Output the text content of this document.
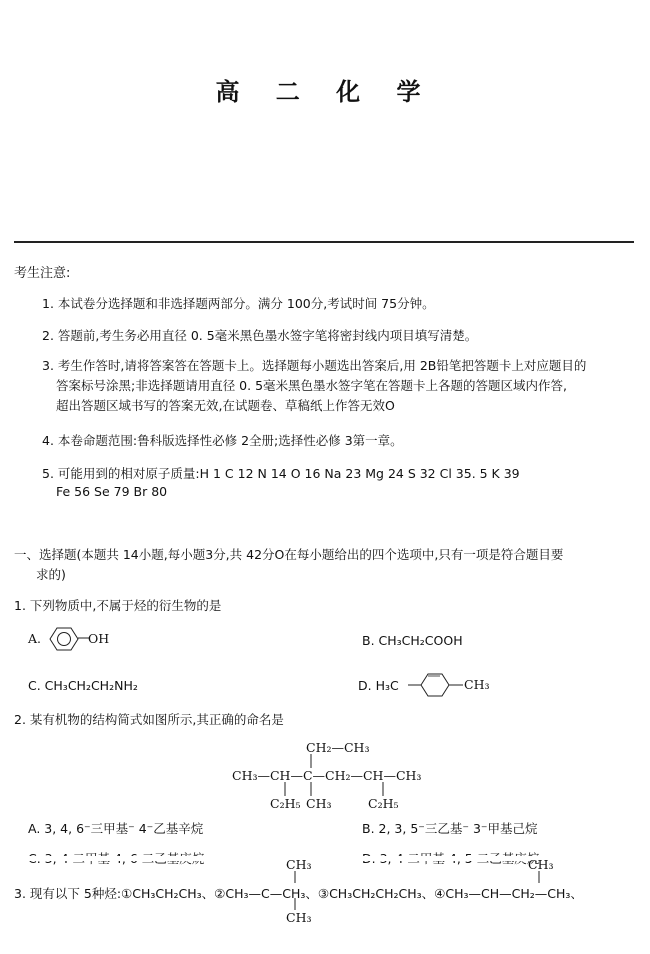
高 二 化 学
考生注意:
1. 本试卷分选择题和非选择题两部分。满分 100分,考试时间 75分钟。
2. 答题前,考生务必用直径 0. 5毫米黑色墨水签字笔将密封线内项目填写清楚。
3. 考生作答时,请将答案答在答题卡上。选择题每小题选出答案后,用 2B铅笔把答题卡上对应题目的
答案标号涂黑;非选择题请用直径 0. 5毫米黑色墨水签字笔在答题卡上各题的答题区域内作答,
超出答题区域书写的答案无效,在试题卷、草稿纸上作答无效O
4. 本卷命题范围:鲁科版选择性必修 2全册;选择性必修 3第一章。
5. 可能用到的相对原子质量:H 1 C 12 N 14 O 16 Na 23 Mg 24 S 32 Cl 35. 5 K 39
Fe 56 Se 79 Br 80
一、选择题(本题共 14小题,每小题3分,共 42分O在每小题给出的四个选项中,只有一项是符合题目要
求的)
1. 下列物质中,不属于烃的衍生物的是
A.	OH	B. CH₃CH₂COOH
C. CH₃CH₂CH₂NH₂	D. H₃C	CH₃
2. 某有机物的结构简式如图所示,其正确的命名是
CH₂—CH₃
CH₃—CH—C—CH₂—CH—CH₃
C₂H₅ CH₃	C₂H₅
A. 3, 4, 6⁻三甲基⁻ 4⁻乙基辛烷	B. 2, 3, 5⁻三乙基⁻ 3⁻甲基己烷
CH₃	CH₃
3. 现有以下 5种烃:①CH₃CH₂CH₃、②CH₃—C—CH₃、③CH₃CH₂CH₂CH₃、④CH₃—CH—CH₂—CH₃、
CH₃
